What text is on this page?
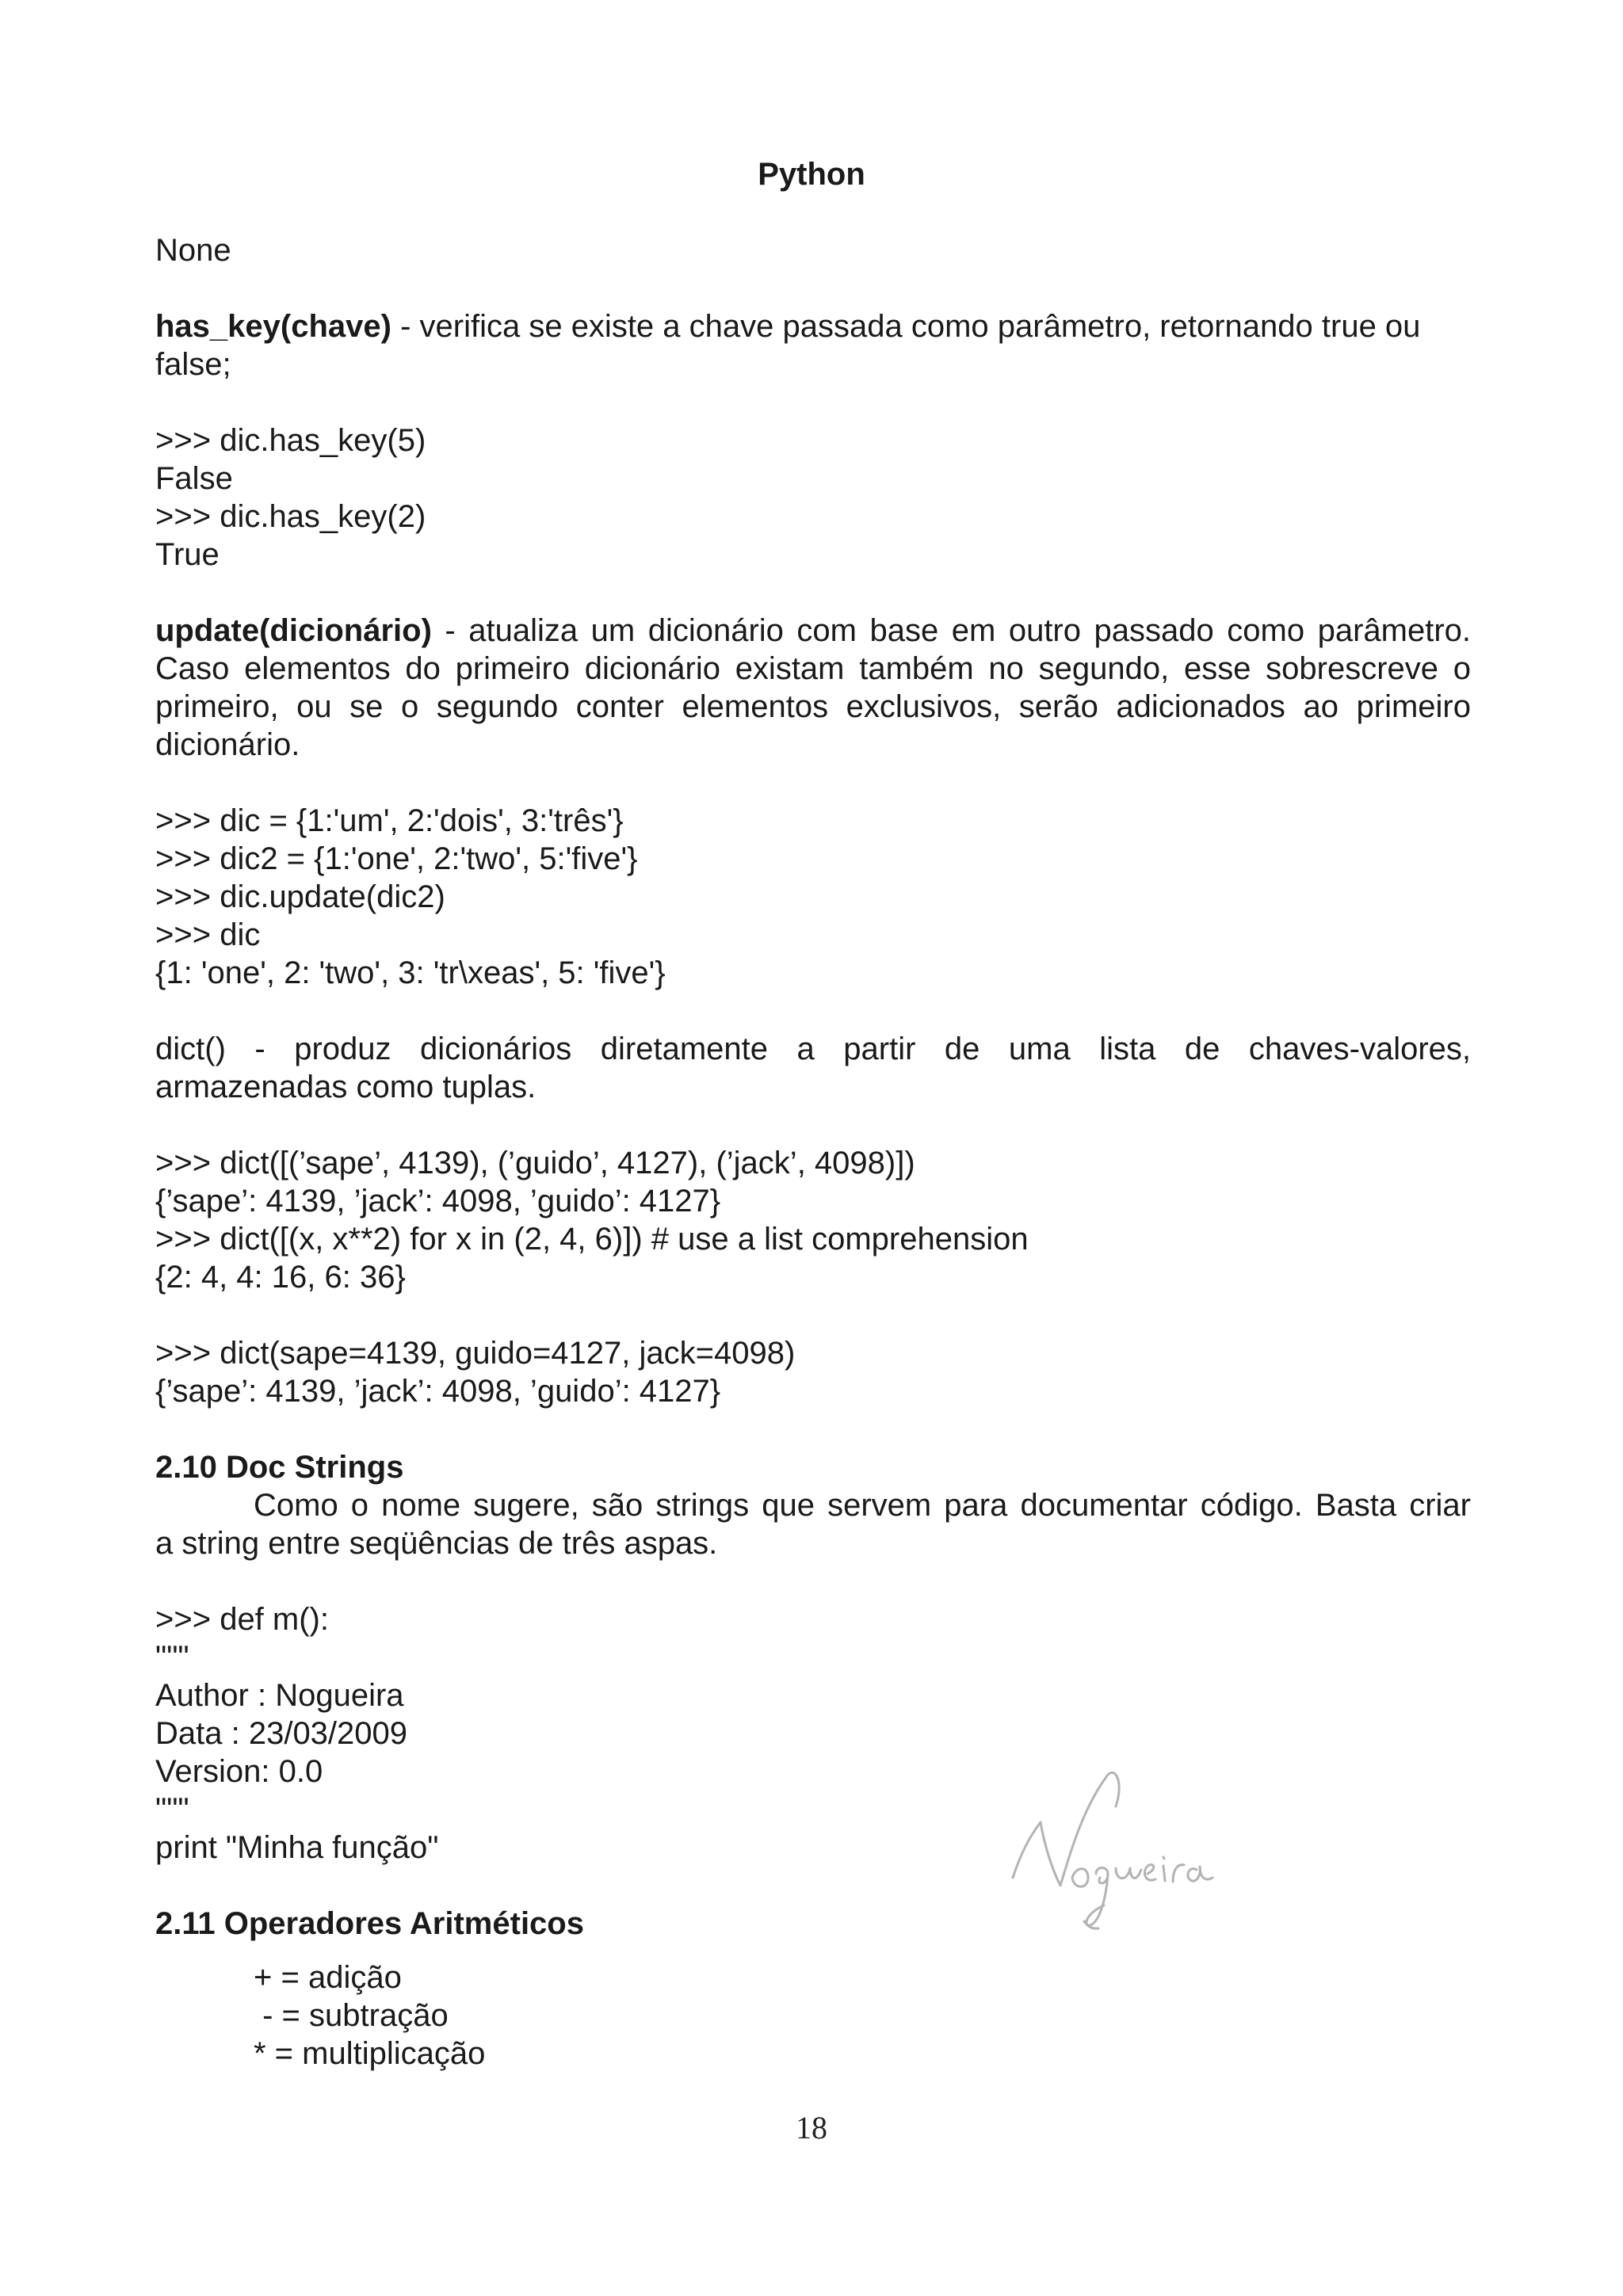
Python
None
has_key(chave) - verifica se existe a chave passada como parâmetro, retornando true ou
false;
>>> dic.has_key(5)
False
>>> dic.has_key(2)
True
update(dicionário) - atualiza um dicionário com base em outro passado como parâmetro.
Caso elementos do primeiro dicionário existam também no segundo, esse sobrescreve o
primeiro, ou se o segundo conter elementos exclusivos, serão adicionados ao primeiro
dicionário.
>>> dic = {1:'um', 2:'dois', 3:'três'}
>>> dic2 = {1:'one', 2:'two', 5:'five'}
>>> dic.update(dic2)
>>> dic
{1: 'one', 2: 'two', 3: 'tr\xeas', 5: 'five'}
dict() - produz dicionários diretamente a partir de uma lista de chaves-valores,
armazenadas como tuplas.
>>> dict([(’sape’, 4139), (’guido’, 4127), (’jack’, 4098)])
{’sape’: 4139, ’jack’: 4098, ’guido’: 4127}
>>> dict([(x, x**2) for x in (2, 4, 6)]) # use a list comprehension
{2: 4, 4: 16, 6: 36}
>>> dict(sape=4139, guido=4127, jack=4098)
{’sape’: 4139, ’jack’: 4098, ’guido’: 4127}
2.10 Doc Strings
Como o nome sugere, são strings que servem para documentar código. Basta criar
a string entre seqüências de três aspas.
>>> def m():
"""
Author : Nogueira
Data : 23/03/2009
Version: 0.0
"""
print "Minha função"
2.11 Operadores Aritméticos
+ = adição
- = subtração
* = multiplicação
18
